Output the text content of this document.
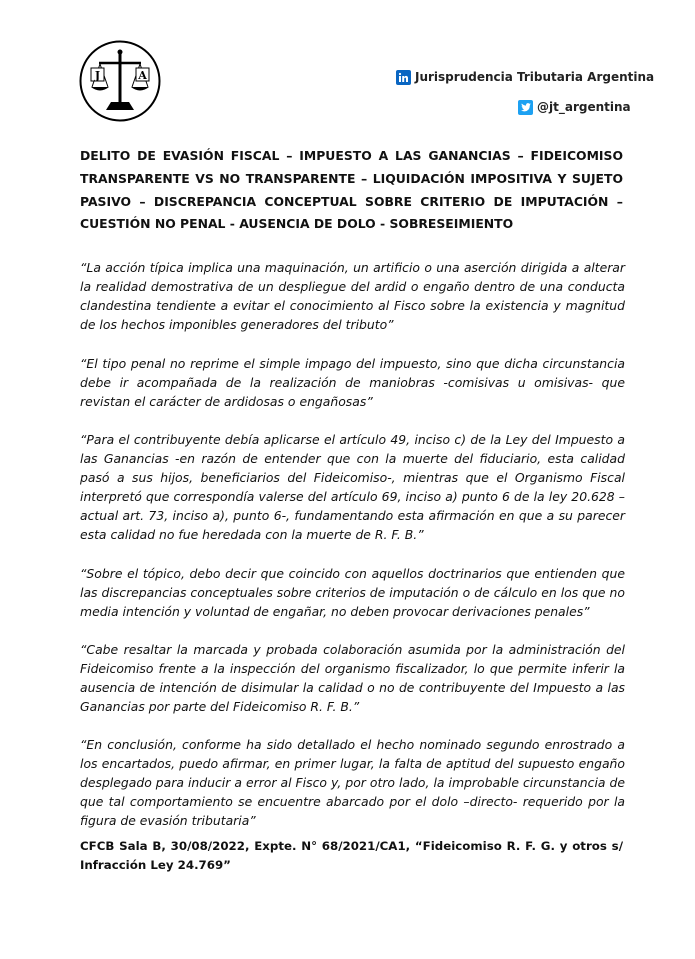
J	A	Jurisprudencia Tributaria Argentina
@jt_argentina

DELITO DE EVASIÓN FISCAL – IMPUESTO A LAS GANANCIAS – FIDEICOMISO TRANSPARENTE VS NO TRANSPARENTE – LIQUIDACIÓN IMPOSITIVA Y SUJETO PASIVO – DISCREPANCIA CONCEPTUAL SOBRE CRITERIO DE IMPUTACIÓN – CUESTIÓN NO PENAL - AUSENCIA DE DOLO - SOBRESEIMIENTO

“La acción típica implica una maquinación, un artificio o una aserción dirigida a alterar la realidad demostrativa de un despliegue del ardid o engaño dentro de una conducta clandestina tendiente a evitar el conocimiento al Fisco sobre la existencia y magnitud de los hechos imponibles generadores del tributo”

“El tipo penal no reprime el simple impago del impuesto, sino que dicha circunstancia debe ir acompañada de la realización de maniobras -comisivas u omisivas- que revistan el carácter de ardidosas o engañosas”

“Para el contribuyente debía aplicarse el artículo 49, inciso c) de la Ley del Impuesto a las Ganancias -en razón de entender que con la muerte del fiduciario, esta calidad pasó a sus hijos, beneficiarios del Fideicomiso-, mientras que el Organismo Fiscal interpretó que correspondía valerse del artículo 69, inciso a) punto 6 de la ley 20.628 –actual art. 73, inciso a), punto 6-, fundamentando esta afirmación en que a su parecer esta calidad no fue heredada con la muerte de R. F. B.”

“Sobre el tópico, debo decir que coincido con aquellos doctrinarios que entienden que las discrepancias conceptuales sobre criterios de imputación o de cálculo en los que no media intención y voluntad de engañar, no deben provocar derivaciones penales”

“Cabe resaltar la marcada y probada colaboración asumida por la administración del Fideicomiso frente a la inspección del organismo fiscalizador, lo que permite inferir la ausencia de intención de disimular la calidad o no de contribuyente del Impuesto a las Ganancias por parte del Fideicomiso R. F. B.”

“En conclusión, conforme ha sido detallado el hecho nominado segundo enrostrado a los encartados, puedo afirmar, en primer lugar, la falta de aptitud del supuesto engaño desplegado para inducir a error al Fisco y, por otro lado, la improbable circunstancia de que tal comportamiento se encuentre abarcado por el dolo –directo- requerido por la figura de evasión tributaria”

CFCB Sala B, 30/08/2022, Expte. N° 68/2021/CA1, “Fideicomiso R. F. G. y otros s/ Infracción Ley 24.769”
